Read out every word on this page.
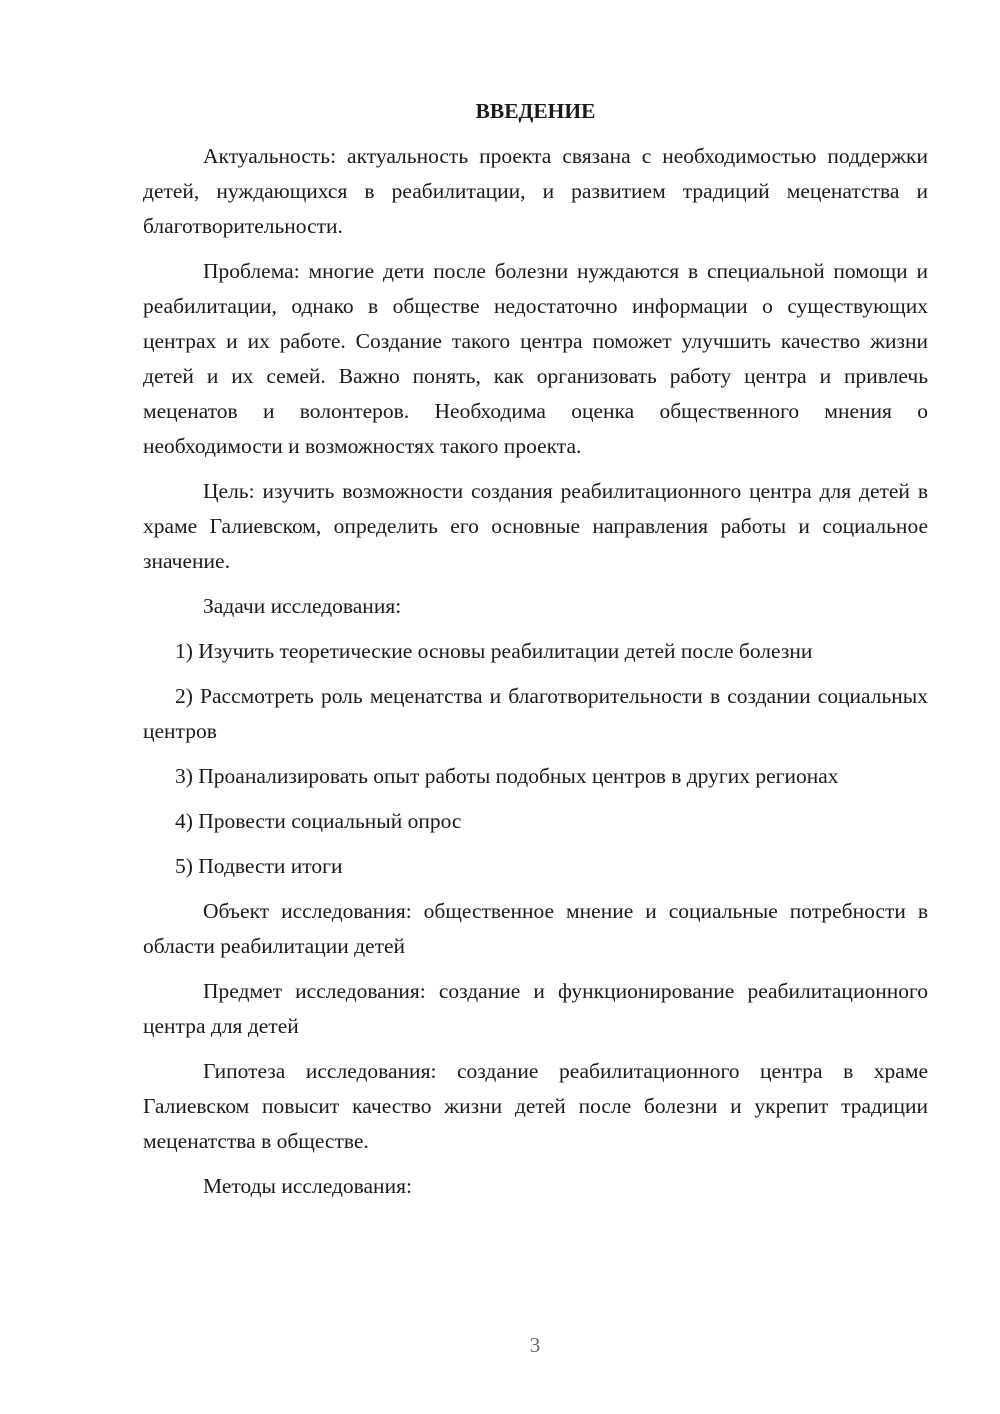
ВВЕДЕНИЕ

Актуальность: актуальность проекта связана с необходимостью поддержки детей, нуждающихся в реабилитации, и развитием традиций меценатства и благотворительности.

Проблема: многие дети после болезни нуждаются в специальной помощи и реабилитации, однако в обществе недостаточно информации о существующих центрах и их работе. Создание такого центра поможет улучшить качество жизни детей и их семей. Важно понять, как организовать работу центра и привлечь меценатов и волонтеров. Необходима оценка общественного мнения о необходимости и возможностях такого проекта.

Цель: изучить возможности создания реабилитационного центра для детей в храме Галиевском, определить его основные направления работы и социальное значение.

Задачи исследования:

1) Изучить теоретические основы реабилитации детей после болезни

2) Рассмотреть роль меценатства и благотворительности в создании социальных центров

3) Проанализировать опыт работы подобных центров в других регионах

4) Провести социальный опрос

5) Подвести итоги

Объект исследования: общественное мнение и социальные потребности в области реабилитации детей

Предмет исследования: создание и функционирование реабилитационного центра для детей

Гипотеза исследования: создание реабилитационного центра в храме Галиевском повысит качество жизни детей после болезни и укрепит традиции меценатства в обществе.

Методы исследования:

3
